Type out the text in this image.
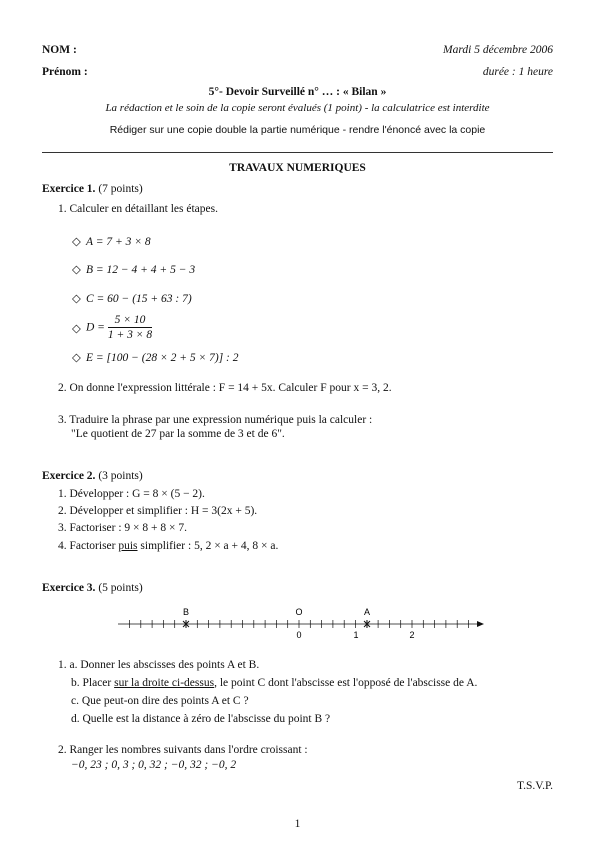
NOM :	Mardi 5 décembre 2006
Prénom :	durée : 1 heure
5°- Devoir Surveillé n° … : « Bilan »
La rédaction et le soin de la copie seront évalués (1 point) - la calculatrice est interdite
Rédiger sur une copie double la partie numérique - rendre l'énoncé avec la copie
TRAVAUX NUMERIQUES
Exercice 1. (7 points)
1. Calculer en détaillant les étapes.
◇ A = 7 + 3 × 8
◇ B = 12 − 4 + 4 + 5 − 3
◇ C = 60 − (15 + 63 : 7)
◇ $D = \frac{5 \times 10}{1 + 3 \times 8}$
◇ E = [100 − (28 × 2 + 5 × 7)] : 2
2. On donne l'expression littérale : F = 14 + 5x. Calculer F pour x = 3, 2.
3. Traduire la phrase par une expression numérique puis la calculer :
"Le quotient de 27 par la somme de 3 et de 6".
Exercice 2. (3 points)
1. Développer : G = 8 × (5 − 2).
2. Développer et simplifier : H = 3(2x + 5).
3. Factoriser : 9 × 8 + 8 × 7.
4. Factoriser puis simplifier : 5, 2 × a + 4, 8 × a.
Exercice 3. (5 points)
B	O	A
0	1	2
1. a. Donner les abscisses des points A et B.
b. Placer sur la droite ci-dessus, le point C dont l'abscisse est l'opposé de l'abscisse de A.
c. Que peut-on dire des points A et C ?
d. Quelle est la distance à zéro de l'abscisse du point B ?
2. Ranger les nombres suivants dans l'ordre croissant :
−0, 23 ; 0, 3 ; 0, 32 ; −0, 32 ; −0, 2
T.S.V.P.
1
